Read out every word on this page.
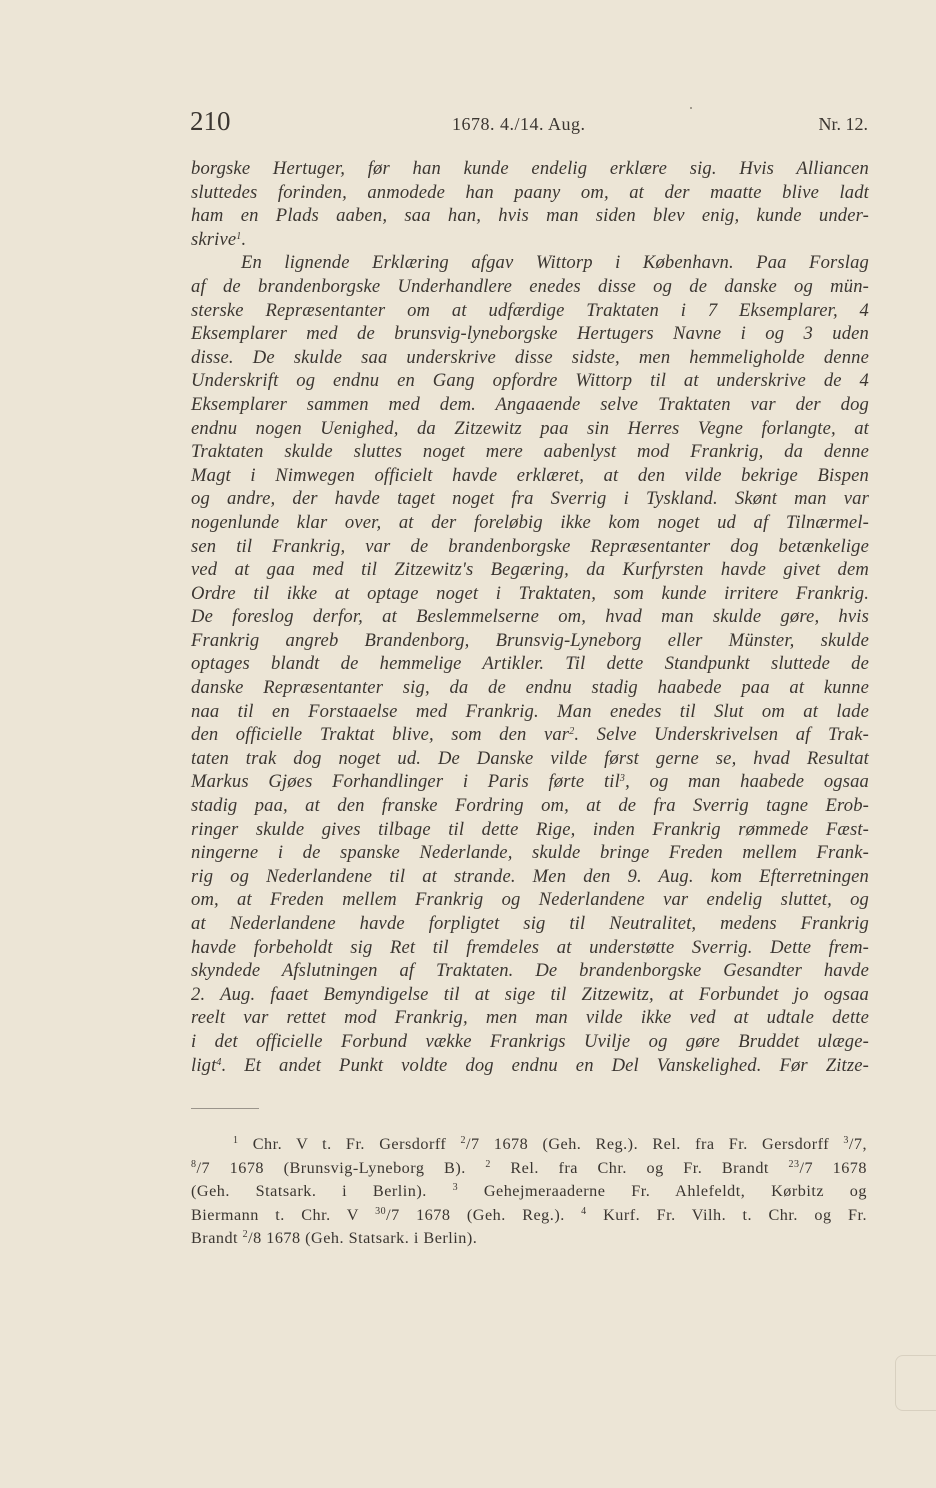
210	1678. 4./14. Aug.	Nr. 12.
borgske Hertuger, før han kunde endelig erklære sig. Hvis Alliancen
sluttedes forinden, anmodede han paany om, at der maatte blive ladt
ham en Plads aaben, saa han, hvis man siden blev enig, kunde under-
skrive$^1$.
En lignende Erklæring afgav Wittorp i København. Paa Forslag
af de brandenborgske Underhandlere enedes disse og de danske og mün-
sterske Repræsentanter om at udfærdige Traktaten i 7 Eksemplarer, 4
Eksemplarer med de brunsvig-lyneborgske Hertugers Navne i og 3 uden
disse. De skulde saa underskrive disse sidste, men hemmeligholde denne
Underskrift og endnu en Gang opfordre Wittorp til at underskrive de 4
Eksemplarer sammen med dem. Angaaende selve Traktaten var der dog
endnu nogen Uenighed, da Zitzewitz paa sin Herres Vegne forlangte, at
Traktaten skulde sluttes noget mere aabenlyst mod Frankrig, da denne
Magt i Nimwegen officielt havde erklæret, at den vilde bekrige Bispen
og andre, der havde taget noget fra Sverrig i Tyskland. Skønt man var
nogenlunde klar over, at der foreløbig ikke kom noget ud af Tilnærmel-
sen til Frankrig, var de brandenborgske Repræsentanter dog betænkelige
ved at gaa med til Zitzewitz's Begæring, da Kurfyrsten havde givet dem
Ordre til ikke at optage noget i Traktaten, som kunde irritere Frankrig.
De foreslog derfor, at Beslemmelserne om, hvad man skulde gøre, hvis
Frankrig angreb Brandenborg, Brunsvig-Lyneborg eller Münster, skulde
optages blandt de hemmelige Artikler. Til dette Standpunkt sluttede de
danske Repræsentanter sig, da de endnu stadig haabede paa at kunne
naa til en Forstaaelse med Frankrig. Man enedes til Slut om at lade
den officielle Traktat blive, som den var$^2$. Selve Underskrivelsen af Trak-
taten trak dog noget ud. De Danske vilde først gerne se, hvad Resultat
Markus Gjøes Forhandlinger i Paris førte til$^3$, og man haabede ogsaa
stadig paa, at den franske Fordring om, at de fra Sverrig tagne Erob-
ringer skulde gives tilbage til dette Rige, inden Frankrig rømmede Fæst-
ningerne i de spanske Nederlande, skulde bringe Freden mellem Frank-
rig og Nederlandene til at strande. Men den 9. Aug. kom Efterretningen
om, at Freden mellem Frankrig og Nederlandene var endelig sluttet, og
at Nederlandene havde forpligtet sig til Neutralitet, medens Frankrig
havde forbeholdt sig Ret til fremdeles at understøtte Sverrig. Dette frem-
skyndede Afslutningen af Traktaten. De brandenborgske Gesandter havde
2. Aug. faaet Bemyndigelse til at sige til Zitzewitz, at Forbundet jo ogsaa
reelt var rettet mod Frankrig, men man vilde ikke ved at udtale dette
i det officielle Forbund vække Frankrigs Uvilje og gøre Bruddet ulæge-
ligt$^4$. Et andet Punkt voldte dog endnu en Del Vanskelighed. Før Zitze-
$^1$ Chr. V t. Fr. Gersdorff $^2$/7 1678 (Geh. Reg.). Rel. fra Fr. Gersdorff $^3$/7,
$^8$/7 1678 (Brunsvig-Lyneborg B). $^2$ Rel. fra Chr. og Fr. Brandt $^{23}$/7 1678
(Geh. Statsark. i Berlin). $^3$ Gehejmeraaderne Fr. Ahlefeldt, Kørbitz og
Biermann t. Chr. V $^{30}$/7 1678 (Geh. Reg.). $^4$ Kurf. Fr. Vilh. t. Chr. og Fr.
Brandt $^2$/8 1678 (Geh. Statsark. i Berlin).
